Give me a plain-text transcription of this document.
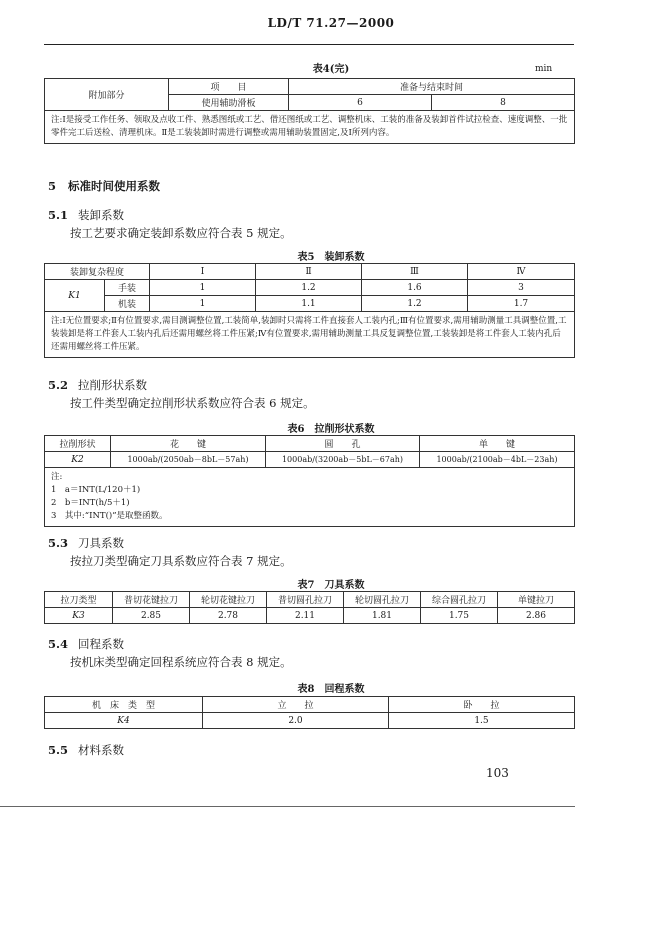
LD/T 71.27—2000
表4(完)	min
附加部分	项　　目	准备与结束时间	
	使用辅助滑板	6	8
注:Ⅰ是接受工作任务、领取及点收工件、熟悉图纸或工艺、借还图纸或工艺、调整机床、工装的准备及装卸首件试拉检查、速度调整、一批零件完工后送检、清理机床。Ⅱ是工装装卸时需进行调整或需用辅助装置固定,及Ⅰ所列内容。			
5 标准时间使用系数
5.1 装卸系数
按工艺要求确定装卸系数应符合表 5 规定。
表5　装卸系数
装卸复杂程度		Ⅰ	Ⅱ	Ⅲ	Ⅳ
K1	手装	1	1.2	1.6	3
	机装	1	1.1	1.2	1.7
注:Ⅰ无位置要求;Ⅱ有位置要求,需目测调整位置,工装简单,装卸时只需将工件直接套人工装内孔;Ⅲ有位置要求,需用辅助测量工具调整位置,工装装卸是将工件套人工装内孔后还需用螺丝将工件压紧;Ⅳ有位置要求,需用辅助测量工具反复调整位置,工装装卸是将工件套人工装内孔后还需用螺丝将工件压紧。					
5.2 拉削形状系数
按工件类型确定拉削形状系数应符合表 6 规定。
表6　拉削形状系数
拉削形状	花　　键	圆　　孔	单　　键
K2	1000ab/(2050ab－8bL－57ah)	1000ab/(3200ab－5bL－67ah)	1000ab/(2100ab－4bL－23ah)

注:
1　a＝INT(L/120＋1)
2　b＝INT(h/5＋1)
3　其中:“INT()”是取整函数。			
5.3 刀具系数
按拉刀类型确定刀具系数应符合表 7 规定。
表7　刀具系数
拉刀类型	普切花键拉刀	轮切花键拉刀	普切圆孔拉刀	轮切圆孔拉刀	综合圆孔拉刀	单键拉刀
K3	2.85	2.78	2.11	1.81	1.75	2.86
5.4 回程系数
按机床类型确定回程系统应符合表 8 规定。
表8　回程系数
机　床　类　型	立　　拉	卧　　拉
K4	2.0	1.5
5.5 材料系数
103
